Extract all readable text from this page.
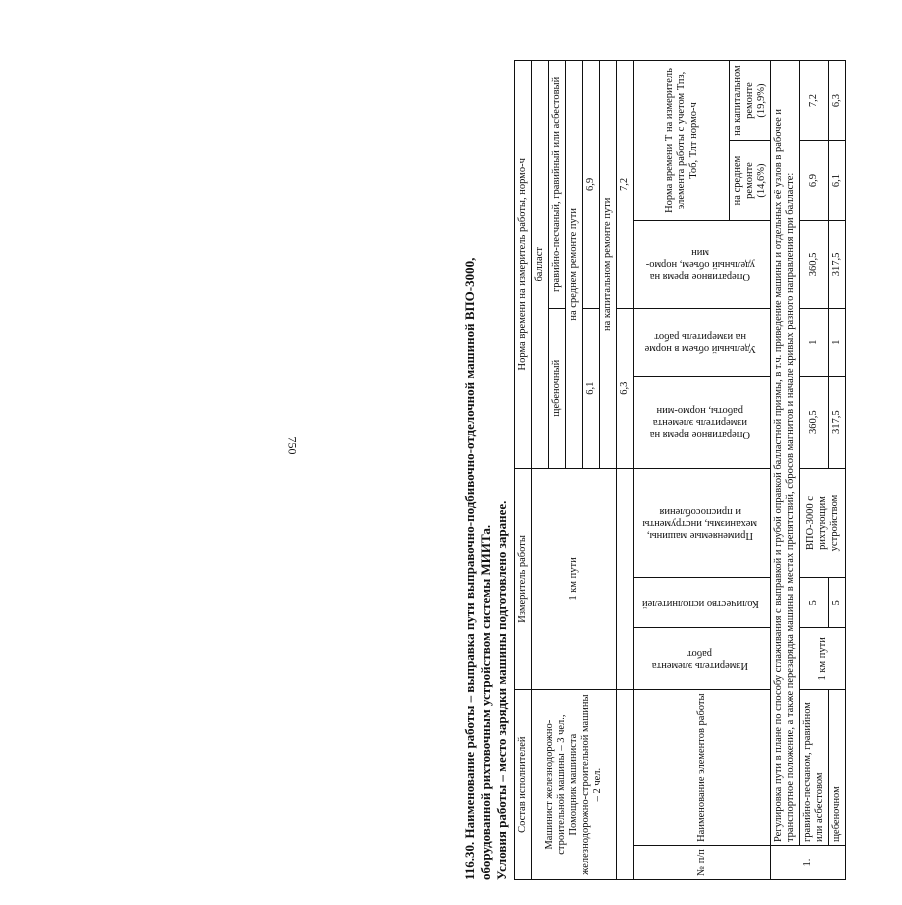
750	116.30. Наименование работы – выправка пути выправочно-подбивочно-отделочной машиной ВПО-3000, оборудованной рихтовочным устройством системы МИИТа. Условия работы – место зарядки машины подготовлено заранее. Состав исполнителей		Измеритель работы			Норма времени на измеритель работы, нормо-ч				

Машинист железнодорожно-строительной машины – 3 чел., Помощник машиниста железнодорожно-строительной машины – 2 чел.		1 км пути			балласт				
					щебеночный		гравийно-песчаный, гравийный или асбестовый		
					на среднем ремонте пути				
					6,1		6,9		
					на капитальном ремонте пути				
					6,3		7,2		
№ п/п	Наименование элементов работы	Измеритель элемента работ	Количество исполнителей	Применяемые машины, механизмы, инструменты и приспособления	Оперативное время на измеритель элемента работы, нормо-мин	Удельный объем в норме на измеритель работ	Оперативное время на удельный объем, нормо-мин	Норма времени Т на измеритель элемента работы с учетом Тпз, Тоб, Тлт нормо-ч	
								на среднем ремонте (14,6%)	на капитальном ремонте (19,9%)
1.	Регулировка пути в плане по способу сглаживания с выправкой и грубой оправкой балластной призмы, в т.ч. приведение машины и отдельных её узлов в рабочее и транспортное положение, а также перезарядка машины в местах препятствий, сбросов магнитов и начале кривых разного направления при балласте:								
	гравийно-песчаном, гравийном или асбестовом	1 км пути	5	ВПО-3000 с рихтующим устройством	360,5	1	360,5	6,9	7,2
	щебеночном		5		317,5	1	317,5	6,1	6,3
